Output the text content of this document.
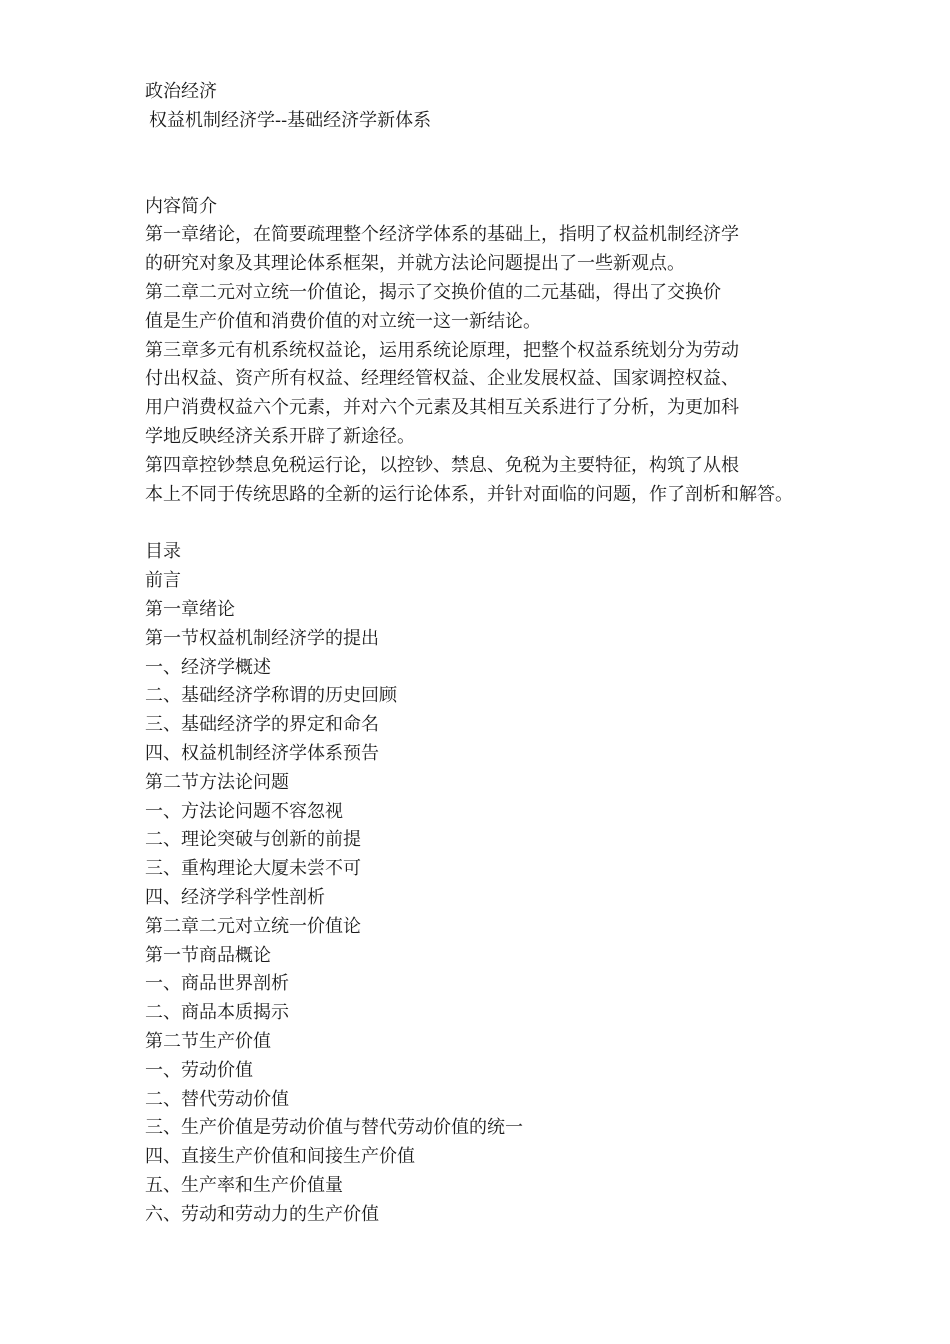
政治经济
权益机制经济学--基础经济学新体系
内容简介
第一章绪论，在简要疏理整个经济学体系的基础上，指明了权益机制经济学
的研究对象及其理论体系框架，并就方法论问题提出了一些新观点。
第二章二元对立统一价值论，揭示了交换价值的二元基础，得出了交换价
值是生产价值和消费价值的对立统一这一新结论。
第三章多元有机系统权益论，运用系统论原理，把整个权益系统划分为劳动
付出权益、资产所有权益、经理经管权益、企业发展权益、国家调控权益、
用户消费权益六个元素，并对六个元素及其相互关系进行了分析，为更加科
学地反映经济关系开辟了新途径。
第四章控钞禁息免税运行论，以控钞、禁息、免税为主要特征，构筑了从根
本上不同于传统思路的全新的运行论体系，并针对面临的问题，作了剖析和解答。
目录
前言
第一章绪论
第一节权益机制经济学的提出
一、经济学概述
二、基础经济学称谓的历史回顾
三、基础经济学的界定和命名
四、权益机制经济学体系预告
第二节方法论问题
一、方法论问题不容忽视
二、理论突破与创新的前提
三、重构理论大厦未尝不可
四、经济学科学性剖析
第二章二元对立统一价值论
第一节商品概论
一、商品世界剖析
二、商品本质揭示
第二节生产价值
一、劳动价值
二、替代劳动价值
三、生产价值是劳动价值与替代劳动价值的统一
四、直接生产价值和间接生产价值
五、生产率和生产价值量
六、劳动和劳动力的生产价值
